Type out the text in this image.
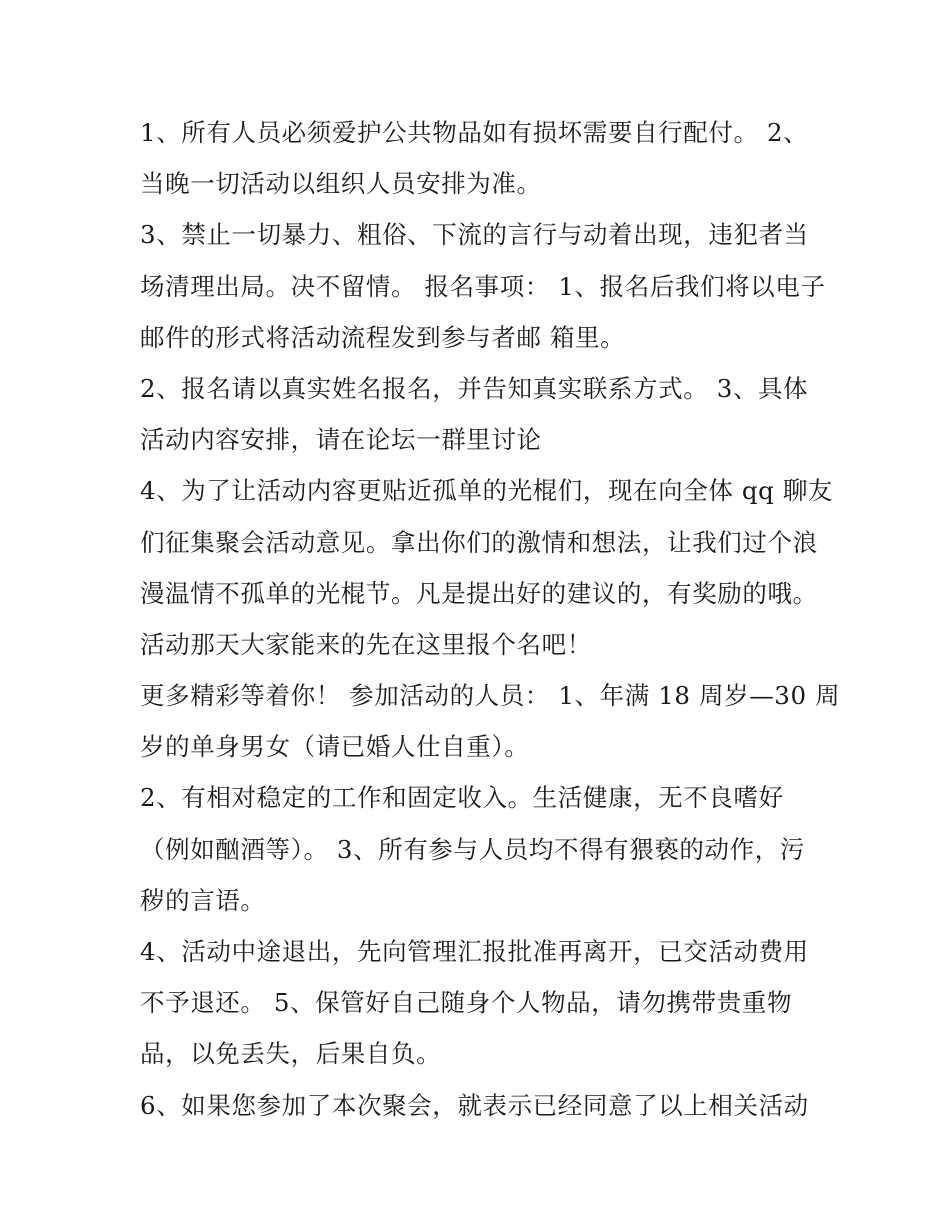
1、所有人员必须爱护公共物品如有损坏需要自行配付。 2、
当晚一切活动以组织人员安排为准。
3、禁止一切暴力、粗俗、下流的言行与动着出现，违犯者当
场清理出局。决不留情。 报名事项： 1、报名后我们将以电子
邮件的形式将活动流程发到参与者邮 箱里。
2、报名请以真实姓名报名，并告知真实联系方式。 3、具体
活动内容安排，请在论坛一群里讨论
4、为了让活动内容更贴近孤单的光棍们，现在向全体 qq 聊友
们征集聚会活动意见。拿出你们的激情和想法，让我们过个浪
漫温情不孤单的光棍节。凡是提出好的建议的，有奖励的哦。
活动那天大家能来的先在这里报个名吧！
更多精彩等着你！ 参加活动的人员： 1、年满 18 周岁—30 周
岁的单身男女（请已婚人仕自重）。
2、有相对稳定的工作和固定收入。生活健康，无不良嗜好
（例如酗酒等）。 3、所有参与人员均不得有猥亵的动作，污
秽的言语。
4、活动中途退出，先向管理汇报批准再离开，已交活动费用
不予退还。 5、保管好自己随身个人物品，请勿携带贵重物
品，以免丢失，后果自负。
6、如果您参加了本次聚会，就表示已经同意了以上相关活动
